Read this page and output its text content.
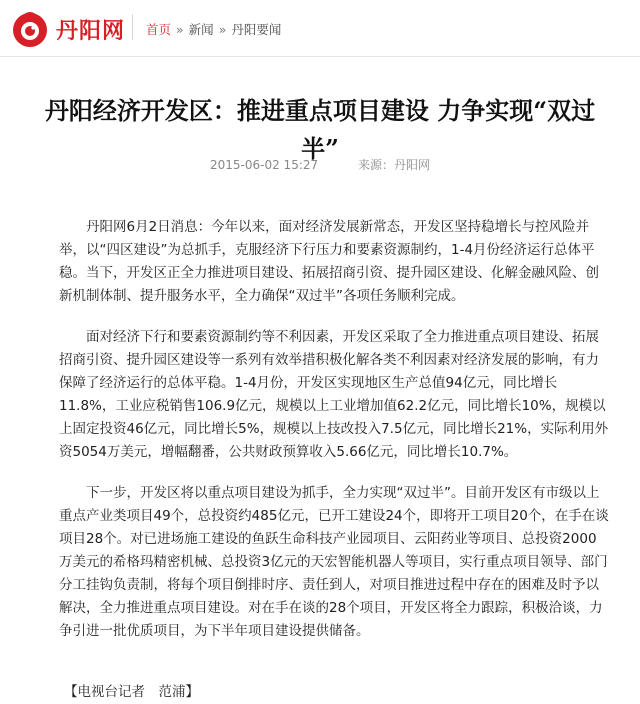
丹阳网 首页 » 新闻 » 丹阳要闻
丹阳经济开发区：推进重点项目建设 力争实现“双过半”
2015-06-02 15:27	来源：丹阳网

丹阳网6月2日消息：今年以来，面对经济发展新常态，开发区坚持稳增长与控风险并举，以“四区建设”为总抓手，克服经济下行压力和要素资源制约，1-4月份经济运行总体平稳。当下，开发区正全力推进项目建设、拓展招商引资、提升园区建设、化解金融风险、创新机制体制、提升服务水平，全力确保“双过半”各项任务顺利完成。

面对经济下行和要素资源制约等不利因素，开发区采取了全力推进重点项目建设、拓展招商引资、提升园区建设等一系列有效举措积极化解各类不利因素对经济发展的影响，有力保障了经济运行的总体平稳。1-4月份，开发区实现地区生产总值94亿元，同比增长11.8%，工业应税销售106.9亿元，规模以上工业增加值62.2亿元，同比增长10%，规模以上固定投资46亿元，同比增长5%，规模以上技改投入7.5亿元，同比增长21%，实际利用外资5054万美元，增幅翻番，公共财政预算收入5.66亿元，同比增长10.7%。

下一步，开发区将以重点项目建设为抓手，全力实现“双过半”。目前开发区有市级以上重点产业类项目49个，总投资约485亿元，已开工建设24个，即将开工项目20个，在手在谈项目28个。对已进场施工建设的鱼跃生命科技产业园项目、云阳药业等项目、总投资2000万美元的希格玛精密机械、总投资3亿元的天宏智能机器人等项目，实行重点项目领导、部门分工挂钩负责制，将每个项目倒排时序、责任到人，对项目推进过程中存在的困难及时予以解决，全力推进重点项目建设。对在手在谈的28个项目，开发区将全力跟踪，积极洽谈，力争引进一批优质项目，为下半年项目建设提供储备。

【电视台记者　范浦】
